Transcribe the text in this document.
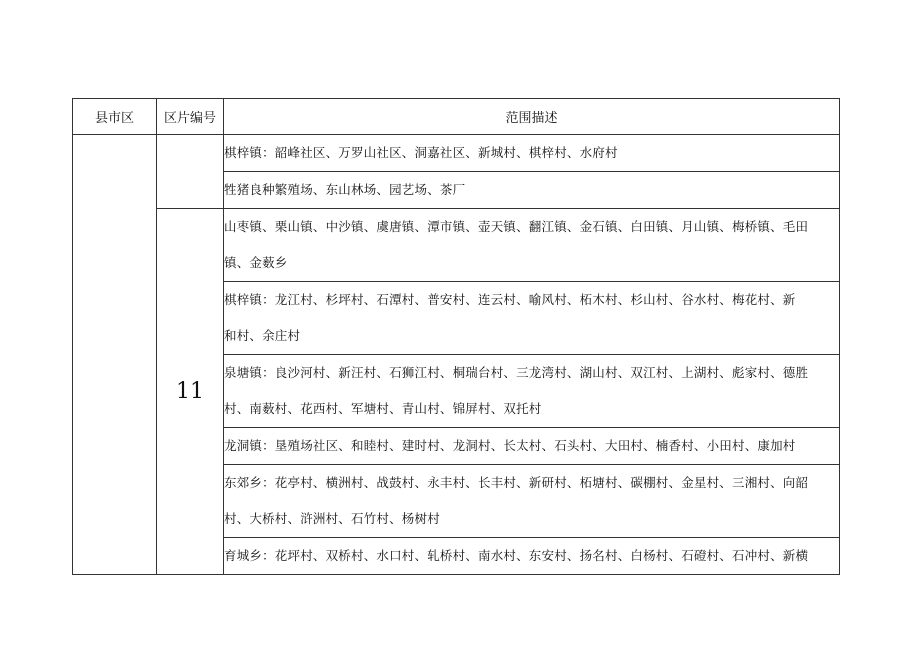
县市区	区片编号	范围描述

		棋梓镇：韶峰社区、万罗山社区、洞嘉社区、新城村、棋梓村、水府村

		牲猪良种繁殖场、东山林场、园艺场、茶厂

	11	山枣镇、栗山镇、中沙镇、虞唐镇、潭市镇、壶天镇、翻江镇、金石镇、白田镇、月山镇、梅桥镇、毛田
镇、金薮乡

		棋梓镇：龙江村、杉坪村、石潭村、普安村、连云村、喻风村、柘木村、杉山村、谷水村、梅花村、新
和村、余庄村

		泉塘镇：良沙河村、新汪村、石狮江村、桐瑞台村、三龙湾村、湖山村、双江村、上湖村、彪家村、德胜
村、南薮村、花西村、军塘村、青山村、锦屏村、双托村

		龙洞镇：垦殖场社区、和睦村、建时村、龙洞村、长太村、石头村、大田村、楠香村、小田村、康加村

		东郊乡：花亭村、横洲村、战鼓村、永丰村、长丰村、新研村、柘塘村、碳棚村、金星村、三湘村、向韶
村、大桥村、浒洲村、石竹村、杨树村

		育城乡：花坪村、双桥村、水口村、轧桥村、南水村、东安村、扬名村、白杨村、石磴村、石冲村、新横
